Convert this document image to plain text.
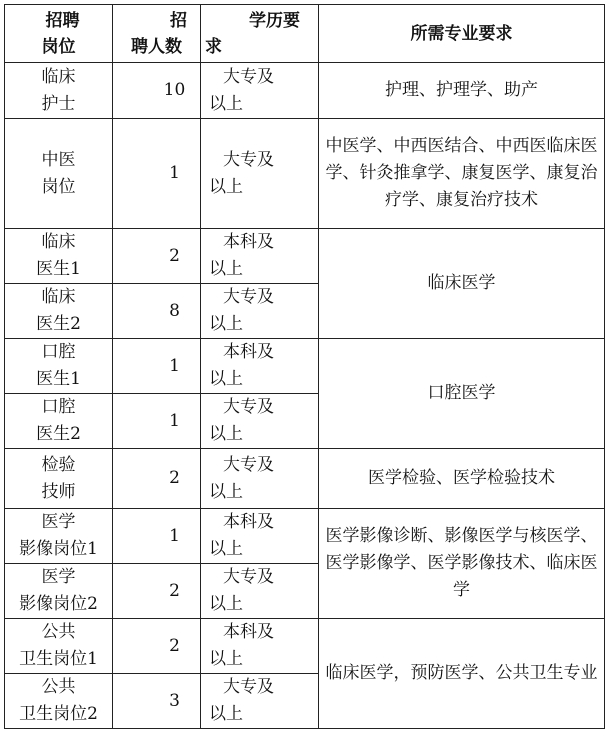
招聘
岗位	招
聘人数	学历要
求	所需专业要求

临床
护士	10	大专及
以上	护理、护理学、助产

中医
岗位	1	大专及
以上	中医学、中西医结合、中西医临床医学、针灸推拿学、康复医学、康复治疗学、康复治疗技术

临床
医生1	2	本科及
以上	临床医学

临床
医生2	8	大专及
以上	

口腔
医生1	1	本科及
以上	口腔医学

口腔
医生2	1	大专及
以上	

检验
技师	2	大专及
以上	医学检验、医学检验技术

医学
影像岗位1	1	本科及
以上	医学影像诊断、影像医学与核医学、医学影像学、医学影像技术、临床医学

医学
影像岗位2	2	大专及
以上	

公共
卫生岗位1	2	本科及
以上	临床医学，预防医学、公共卫生专业

公共
卫生岗位2	3	大专及
以上	
